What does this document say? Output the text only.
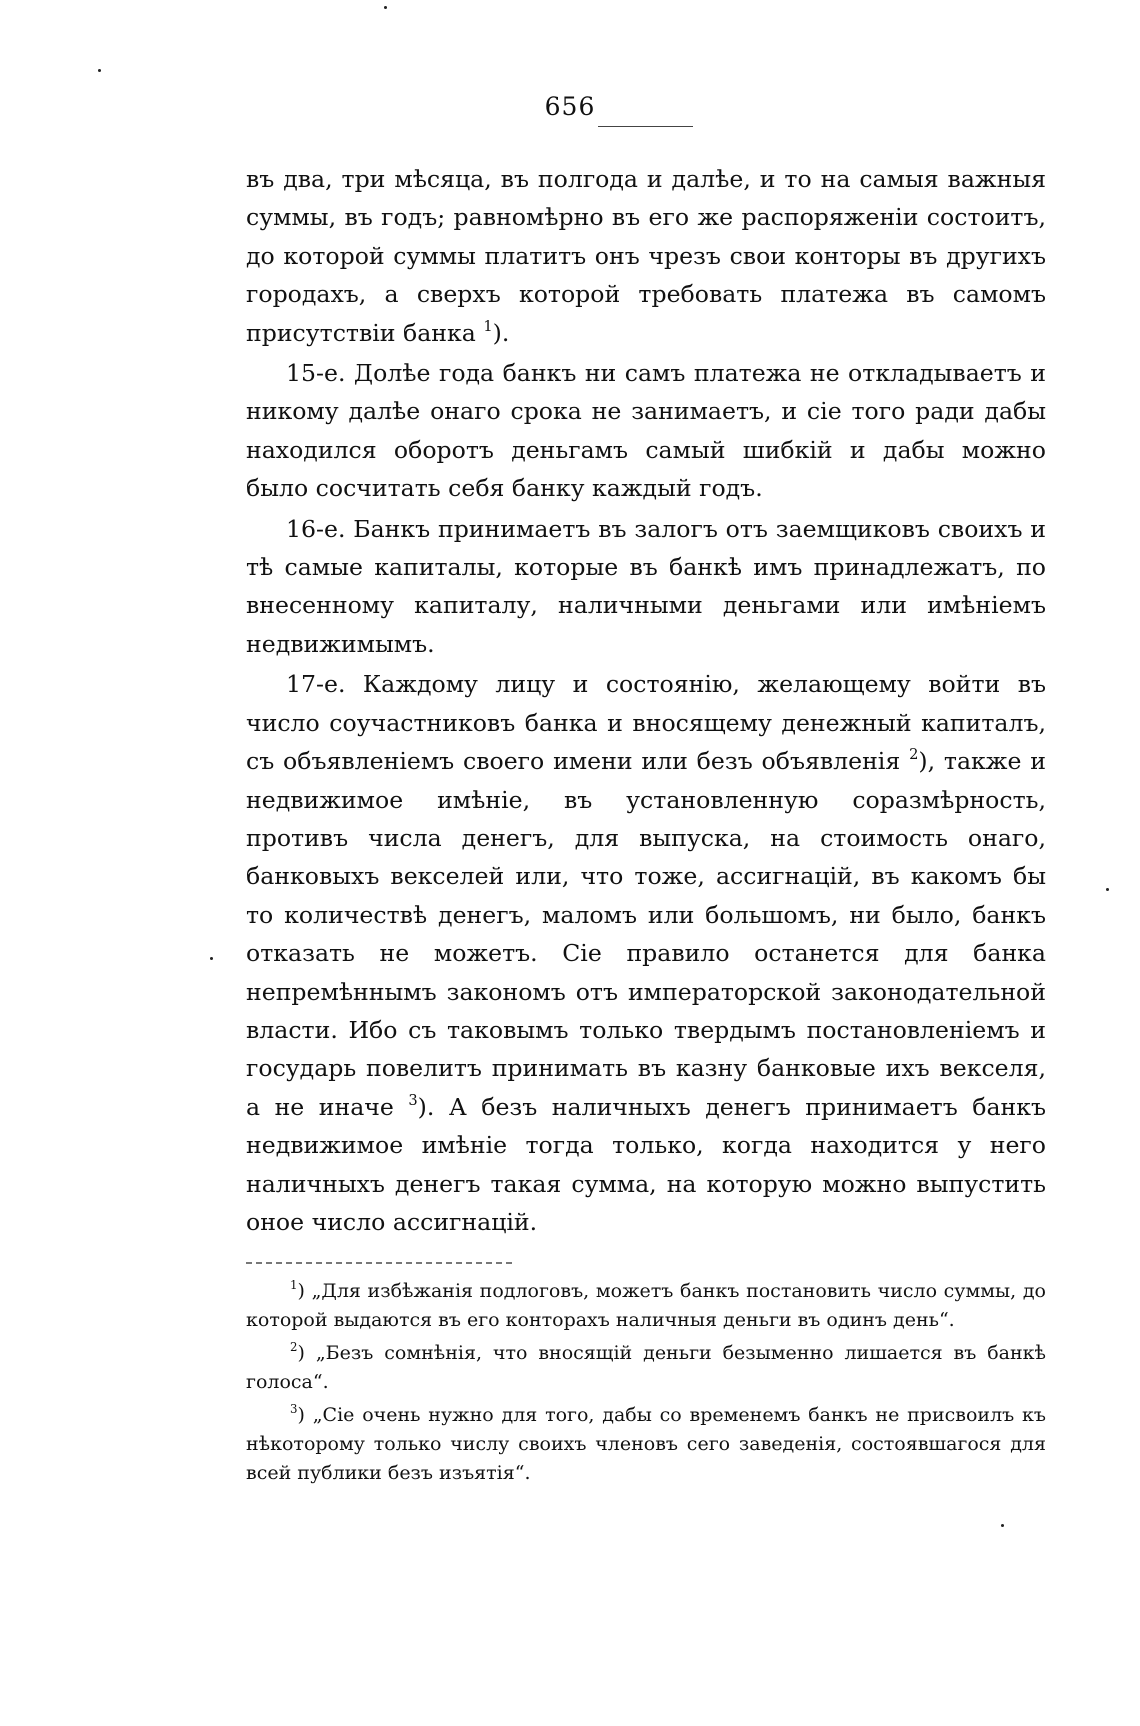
656

въ два, три мѣсяца, въ полгода и далѣе, и то на самыя важныя суммы, въ годъ; равномѣрно въ его же распоряженіи состоитъ, до которой суммы платитъ онъ чрезъ свои конторы въ другихъ городахъ, а сверхъ которой требовать платежа въ самомъ присутствіи банка $^1$).

15-е. Долѣе года банкъ ни самъ платежа не откладываетъ и никому далѣе онаго срока не занимаетъ, и сіе того ради дабы находился оборотъ деньгамъ самый шибкій и дабы можно было сосчитать себя банку каждый годъ.

16-е. Банкъ принимаетъ въ залогъ отъ заемщиковъ своихъ и тѣ самые капиталы, которые въ банкѣ имъ принадлежатъ, по внесенному капиталу, наличными деньгами или имѣніемъ недвижимымъ.

17-е. Каждому лицу и состоянію, желающему войти въ число соучастниковъ банка и вносящему денежный капиталъ, съ объявленіемъ своего имени или безъ объявленія $^2$), также и недвижимое имѣніе, въ установленную соразмѣрность, противъ числа денегъ, для выпуска, на стоимость онаго, банковыхъ векселей или, что тоже, ассигнацій, въ какомъ бы то количествѣ денегъ, маломъ или большомъ, ни было, банкъ отказать не можетъ. Сіе правило останется для банка непремѣннымъ закономъ отъ императорской законодательной власти. Ибо съ таковымъ только твердымъ постановленіемъ и государь повелитъ принимать въ казну банковые ихъ векселя, а не иначе $^3$). А безъ наличныхъ денегъ принимаетъ банкъ недвижимое имѣніе тогда только, когда находится у него наличныхъ денегъ такая сумма, на которую можно выпустить оное число ассигнацій.

$^1$) „Для избѣжанія подлоговъ, можетъ банкъ постановить число суммы, до которой выдаются въ его конторахъ наличныя деньги въ одинъ день“.

$^2$) „Безъ сомнѣнія, что вносящій деньги безыменно лишается въ банкѣ голоса“.

$^3$) „Сіе очень нужно для того, дабы со временемъ банкъ не присвоилъ къ нѣкоторому только числу своихъ членовъ сего заведенія, состоявшагося для всей публики безъ изъятія“.
